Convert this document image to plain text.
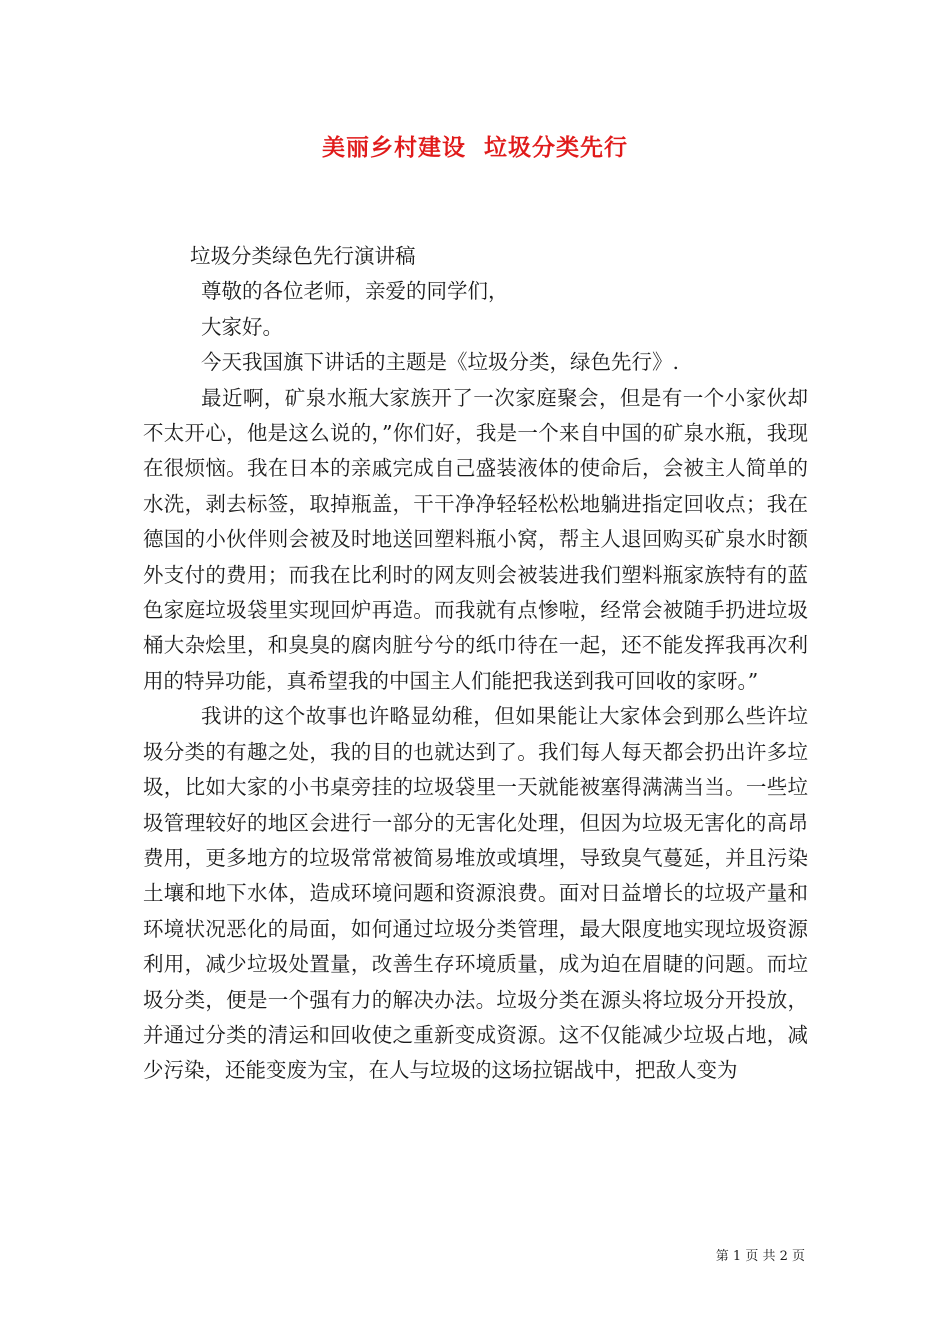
美丽乡村建设  垃圾分类先行

垃圾分类绿色先行演讲稿

尊敬的各位老师，亲爱的同学们，

大家好。

今天我国旗下讲话的主题是《垃圾分类，绿色先行》.

最近啊，矿泉水瓶大家族开了一次家庭聚会，但是有一个小家伙却不太开心，他是这么说的，”你们好，我是一个来自中国的矿泉水瓶，我现在很烦恼。我在日本的亲戚完成自己盛装液体的使命后，会被主人简单的水洗，剥去标签，取掉瓶盖，干干净净轻轻松松地躺进指定回收点；我在德国的小伙伴则会被及时地送回塑料瓶小窝，帮主人退回购买矿泉水时额外支付的费用；而我在比利时的网友则会被装进我们塑料瓶家族特有的蓝色家庭垃圾袋里实现回炉再造。而我就有点惨啦，经常会被随手扔进垃圾桶大杂烩里，和臭臭的腐肉脏兮兮的纸巾待在一起，还不能发挥我再次利用的特异功能，真希望我的中国主人们能把我送到我可回收的家呀。”

我讲的这个故事也许略显幼稚，但如果能让大家体会到那么些许垃圾分类的有趣之处，我的目的也就达到了。我们每人每天都会扔出许多垃圾，比如大家的小书桌旁挂的垃圾袋里一天就能被塞得满满当当。一些垃圾管理较好的地区会进行一部分的无害化处理，但因为垃圾无害化的高昂费用，更多地方的垃圾常常被简易堆放或填埋，导致臭气蔓延，并且污染土壤和地下水体，造成环境问题和资源浪费。面对日益增长的垃圾产量和环境状况恶化的局面，如何通过垃圾分类管理，最大限度地实现垃圾资源利用，减少垃圾处置量，改善生存环境质量，成为迫在眉睫的问题。而垃圾分类，便是一个强有力的解决办法。垃圾分类在源头将垃圾分开投放，并通过分类的清运和回收使之重新变成资源。这不仅能减少垃圾占地，减少污染，还能变废为宝，在人与垃圾的这场拉锯战中，把敌人变为

第 1 页 共 2 页
